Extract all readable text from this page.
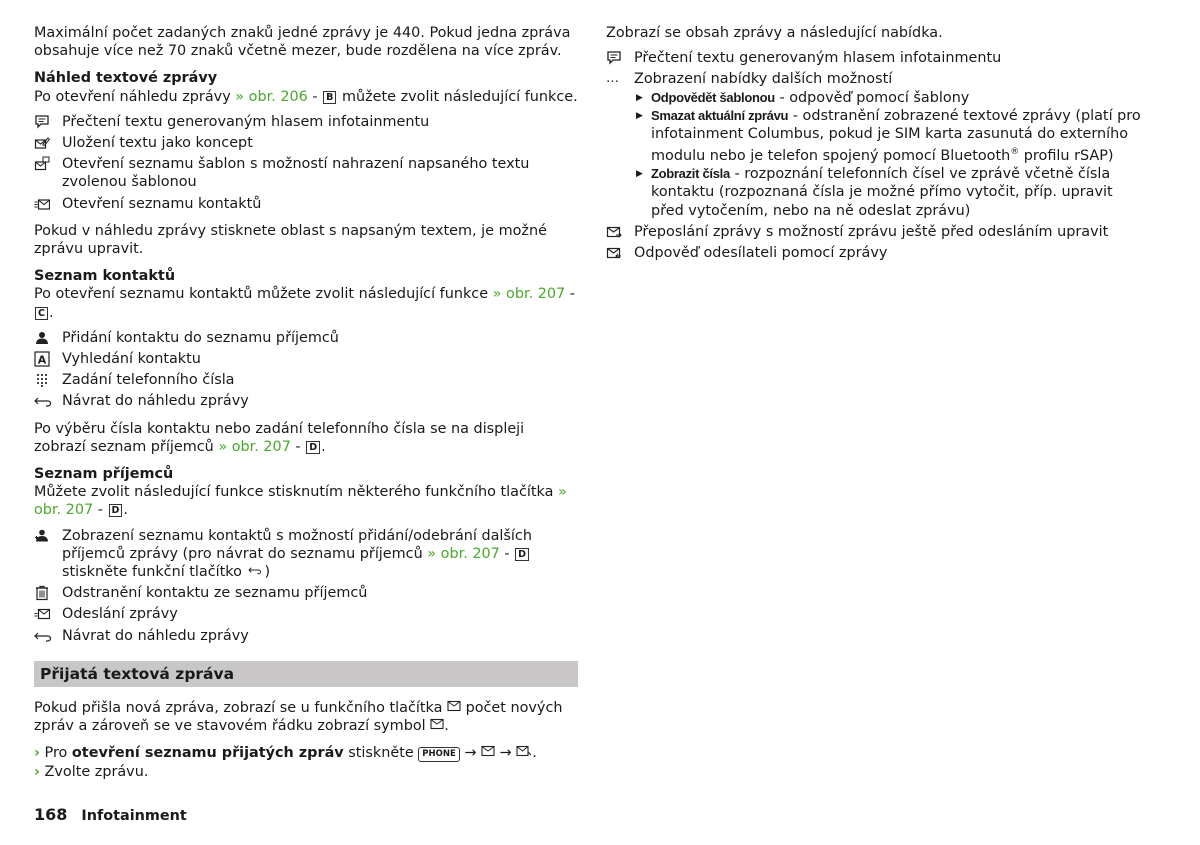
Maximální počet zadaných znaků jedné zprávy je 440. Pokud jedna zpráva obsahuje více než 70 znaků včetně mezer, bude rozdělena na více zpráv.

Náhled textové zprávy

Po otevření náhledu zprávy » obr. 206 - B můžete zvolit následující funkce.

Přečtení textu generovaným hlasem infotainmentu
Uložení textu jako koncept
Otevření seznamu šablon s možností nahrazení napsaného textu zvolenou šablonou
Otevření seznamu kontaktů

Pokud v náhledu zprávy stisknete oblast s napsaným textem, je možné zprávu upravit.

Seznam kontaktů

Po otevření seznamu kontaktů můžete zvolit následující funkce » obr. 207 - C .

Přidání kontaktu do seznamu příjemců
Vyhledání kontaktu
Zadání telefonního čísla
Návrat do náhledu zprávy

Po výběru čísla kontaktu nebo zadání telefonního čísla se na displeji zobrazí seznam příjemců » obr. 207 - D .

Seznam příjemců

Můžete zvolit následující funkce stisknutím některého funkčního tlačítka » obr. 207 - D .

Zobrazení seznamu kontaktů s možností přidání/odebrání dalších příjemců zprávy (pro návrat do seznamu příjemců » obr. 207 - D stiskněte funkční tlačítko )
Odstranění kontaktu ze seznamu příjemců
Odeslání zprávy
Návrat do náhledu zprávy
Přijatá textová zpráva

Pokud přišla nová zpráva, zobrazí se u funkčního tlačítka  počet nových zpráv a zároveň se ve stavovém řádku zobrazí symbol .

› Pro otevření seznamu přijatých zpráv stiskněte PHONE →  → .

› Zvolte zprávu.

Zobrazí se obsah zprávy a následující nabídka.

Přečtení textu generovaným hlasem infotainmentu
…	Zobrazení nabídky dalších možností
▶ Odpovědět šablonou - odpověď pomocí šablony
▶ Smazat aktuální zprávu - odstranění zobrazené textové zprávy (platí pro infotainment Columbus, pokud je SIM karta zasunutá do externího modulu nebo je telefon spojený pomocí Bluetooth® profilu rSAP)
▶ Zobrazit čísla - rozpoznání telefonních čísel ve zprávě včetně čísla kontaktu (rozpoznaná čísla je možné přímo vytočit, příp. upravit před vytočením, nebo na ně odeslat zprávu)
Přeposlání zprávy s možností zprávu ještě před odesláním upravit
Odpověď odesílateli pomocí zprávy
168 Infotainment
